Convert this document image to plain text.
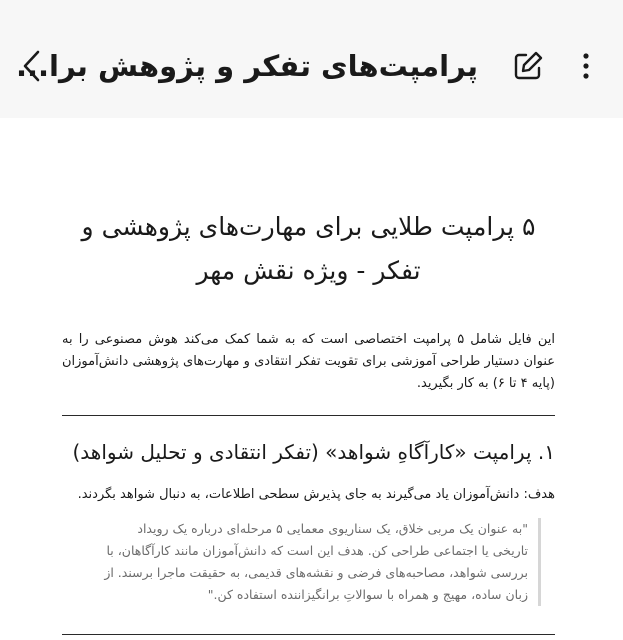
پرامپت‌های تفکر و پژوهش برا...
۵ پرامپت طلایی برای مهارت‌های پژوهشی و تفکر - ویژه نقش مهر

این فایل شامل ۵ پرامپت اختصاصی است که به شما کمک می‌کند هوش مصنوعی را به عنوان دستیار طراحی آموزشی برای تقویت تفکر انتقادی و مهارت‌های پژوهشی دانش‌آموزان (پایه ۴ تا ۶) به کار بگیرید.

۱. پرامپت «کارآگاهِ شواهد» (تفکر انتقادی و تحلیل شواهد)

هدف: دانش‌آموزان یاد می‌گیرند به جای پذیرش سطحی اطلاعات، به دنبال شواهد بگردند.

"به عنوان یک مربی خلاق، یک سناریوی معمایی ۵ مرحله‌ای درباره یک رویداد تاریخی یا اجتماعی طراحی کن. هدف این است که دانش‌آموزان مانند کارآگاهان، با بررسی شواهد، مصاحبه‌های فرضی و نقشه‌های قدیمی، به حقیقت ماجرا برسند. از زبان ساده، مهیج و همراه با سوالاتِ برانگیزاننده استفاده کن."
